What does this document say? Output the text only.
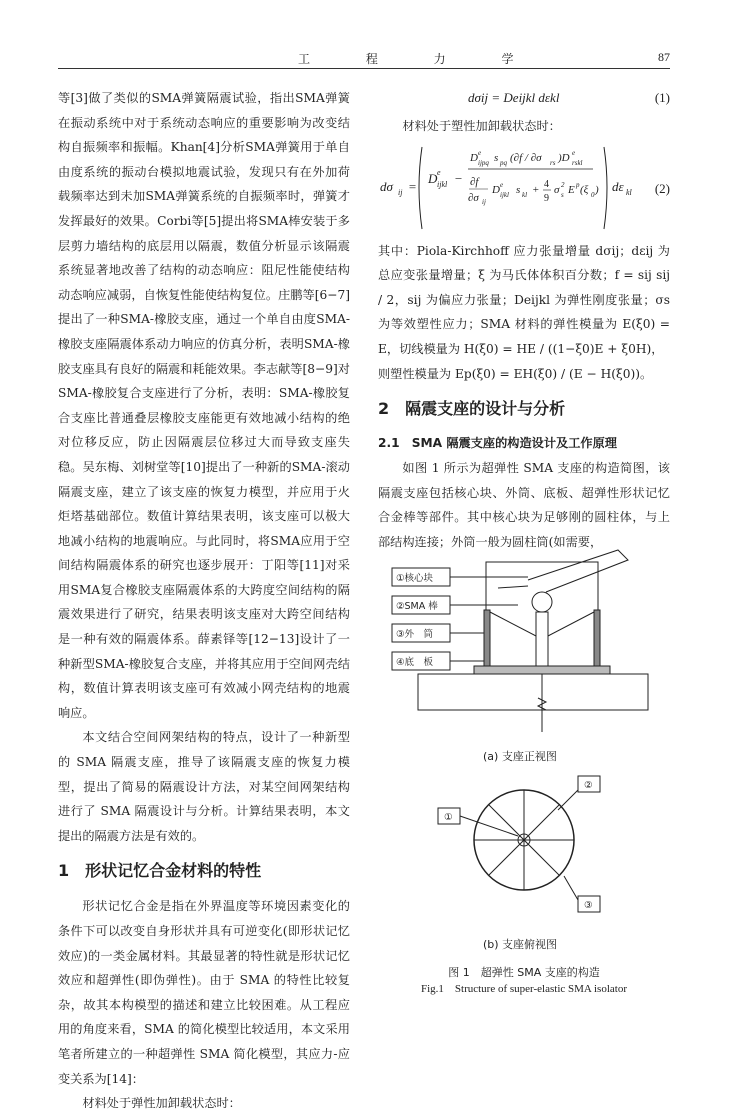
工 程 力 学	87

等[3]做了类似的SMA弹簧隔震试验，指出SMA弹簧在振动系统中对于系统动态响应的重要影响为改变结构自振频率和振幅。Khan[4]分析SMA弹簧用于单自由度系统的振动台模拟地震试验，发现只有在外加荷载频率达到未加SMA弹簧系统的自振频率时，弹簧才发挥最好的效果。Corbi等[5]提出将SMA棒安装于多层剪力墙结构的底层用以隔震，数值分析显示该隔震系统显著地改善了结构的动态响应：阻尼性能使结构动态响应减弱，自恢复性能使结构复位。庄鹏等[6−7]提出了一种SMA-橡胶支座，通过一个单自由度SMA-橡胶支座隔震体系动力响应的仿真分析，表明SMA-橡胶支座具有良好的隔震和耗能效果。李志献等[8−9]对SMA-橡胶复合支座进行了分析，表明：SMA-橡胶复合支座比普通叠层橡胶支座能更有效地减小结构的绝对位移反应，防止因隔震层位移过大而导致支座失稳。吴东梅、刘树堂等[10]提出了一种新的SMA-滚动隔震支座，建立了该支座的恢复力模型，并应用于火炬塔基础部位。数值计算结果表明，该支座可以极大地减小结构的地震响应。与此同时，将SMA应用于空间结构隔震体系的研究也逐步展开：丁阳等[11]对采用SMA复合橡胶支座隔震体系的大跨度空间结构的隔震效果进行了研究，结果表明该支座对大跨空间结构是一种有效的隔震体系。薛素铎等[12−13]设计了一种新型SMA-橡胶复合支座，并将其应用于空间网壳结构，数值计算表明该支座可有效减小网壳结构的地震响应。

本文结合空间网架结构的特点，设计了一种新型的 SMA 隔震支座，推导了该隔震支座的恢复力模型，提出了简易的隔震设计方法，对某空间网架结构进行了 SMA 隔震设计与分析。计算结果表明，本文提出的隔震方法是有效的。

1　形状记忆合金材料的特性

形状记忆合金是指在外界温度等环境因素变化的条件下可以改变自身形状并具有可逆变化(即形状记忆效应)的一类金属材料。其最显著的特性就是形状记忆效应和超弹性(即伪弹性)。由于 SMA 的特性比较复杂，故其本构模型的描述和建立比较困难。从工程应用的角度来看，SMA 的简化模型比较适用，本文采用笔者所建立的一种超弹性 SMA 简化模型，其应力-应变关系为[14]：

材料处于弹性加卸载状态时：

dσij = Deijkl dεkl	(1)

材料处于塑性加卸载状态时：

dσ ij =
D e
ijkl −
D e
ijpq s pq (∂f / ∂σ rs )D e
rskl
∂f
∂σ ij
D e
ijkl s kl + 4
9
σ 2
s E p (ξ 0 ) dε kl (2)

其中：Piola-Kirchhoff 应力张量增量 dσij；dεij 为总应变张量增量；ξ 为马氏体体积百分数；f = sij sij / 2，sij 为偏应力张量；Deijkl 为弹性刚度张量；σs 为等效塑性应力；SMA 材料的弹性模量为 E(ξ0) = E，切线模量为 H(ξ0) = HE / ((1−ξ0)E + ξ0H)，

则塑性模量为 Ep(ξ0) = EH(ξ0) / (E − H(ξ0))。

2　隔震支座的设计与分析
2.1　SMA 隔震支座的构造设计及工作原理

如图 1 所示为超弹性 SMA 支座的构造简图，该隔震支座包括核心块、外筒、底板、超弹性形状记忆合金棒等部件。其中核心块为足够刚的圆柱体，与上部结构连接；外筒一般为圆柱筒(如需要，

①核心块
②SMA 棒
③外　筒
④底　板
(a) 支座正视图
①
②
③
(b) 支座俯视图
图 1　超弹性 SMA 支座的构造
Fig.1　Structure of super-elastic SMA isolator
